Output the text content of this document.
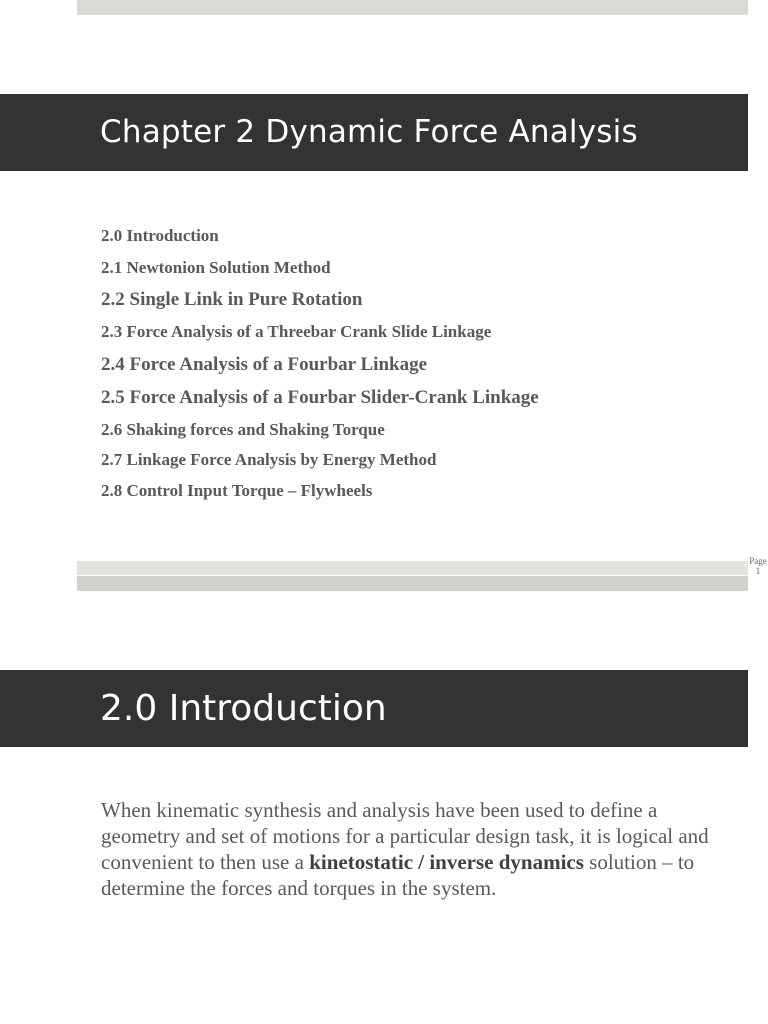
Chapter 2 Dynamic Force Analysis
2.0 Introduction
2.1 Newtonion Solution Method
2.2 Single Link in Pure Rotation
2.3 Force Analysis of a Threebar Crank Slide Linkage
2.4 Force Analysis of a Fourbar Linkage
2.5 Force Analysis of a Fourbar Slider-Crank Linkage
2.6 Shaking forces and Shaking Torque
2.7 Linkage Force Analysis by Energy Method
2.8 Control Input Torque – Flywheels
Page
1
2.0 Introduction

When kinematic synthesis and analysis have been used to define a geometry and set of motions for a particular design task, it is logical and convenient to then use a kinetostatic / inverse dynamics solution – to determine the forces and torques in the system.
